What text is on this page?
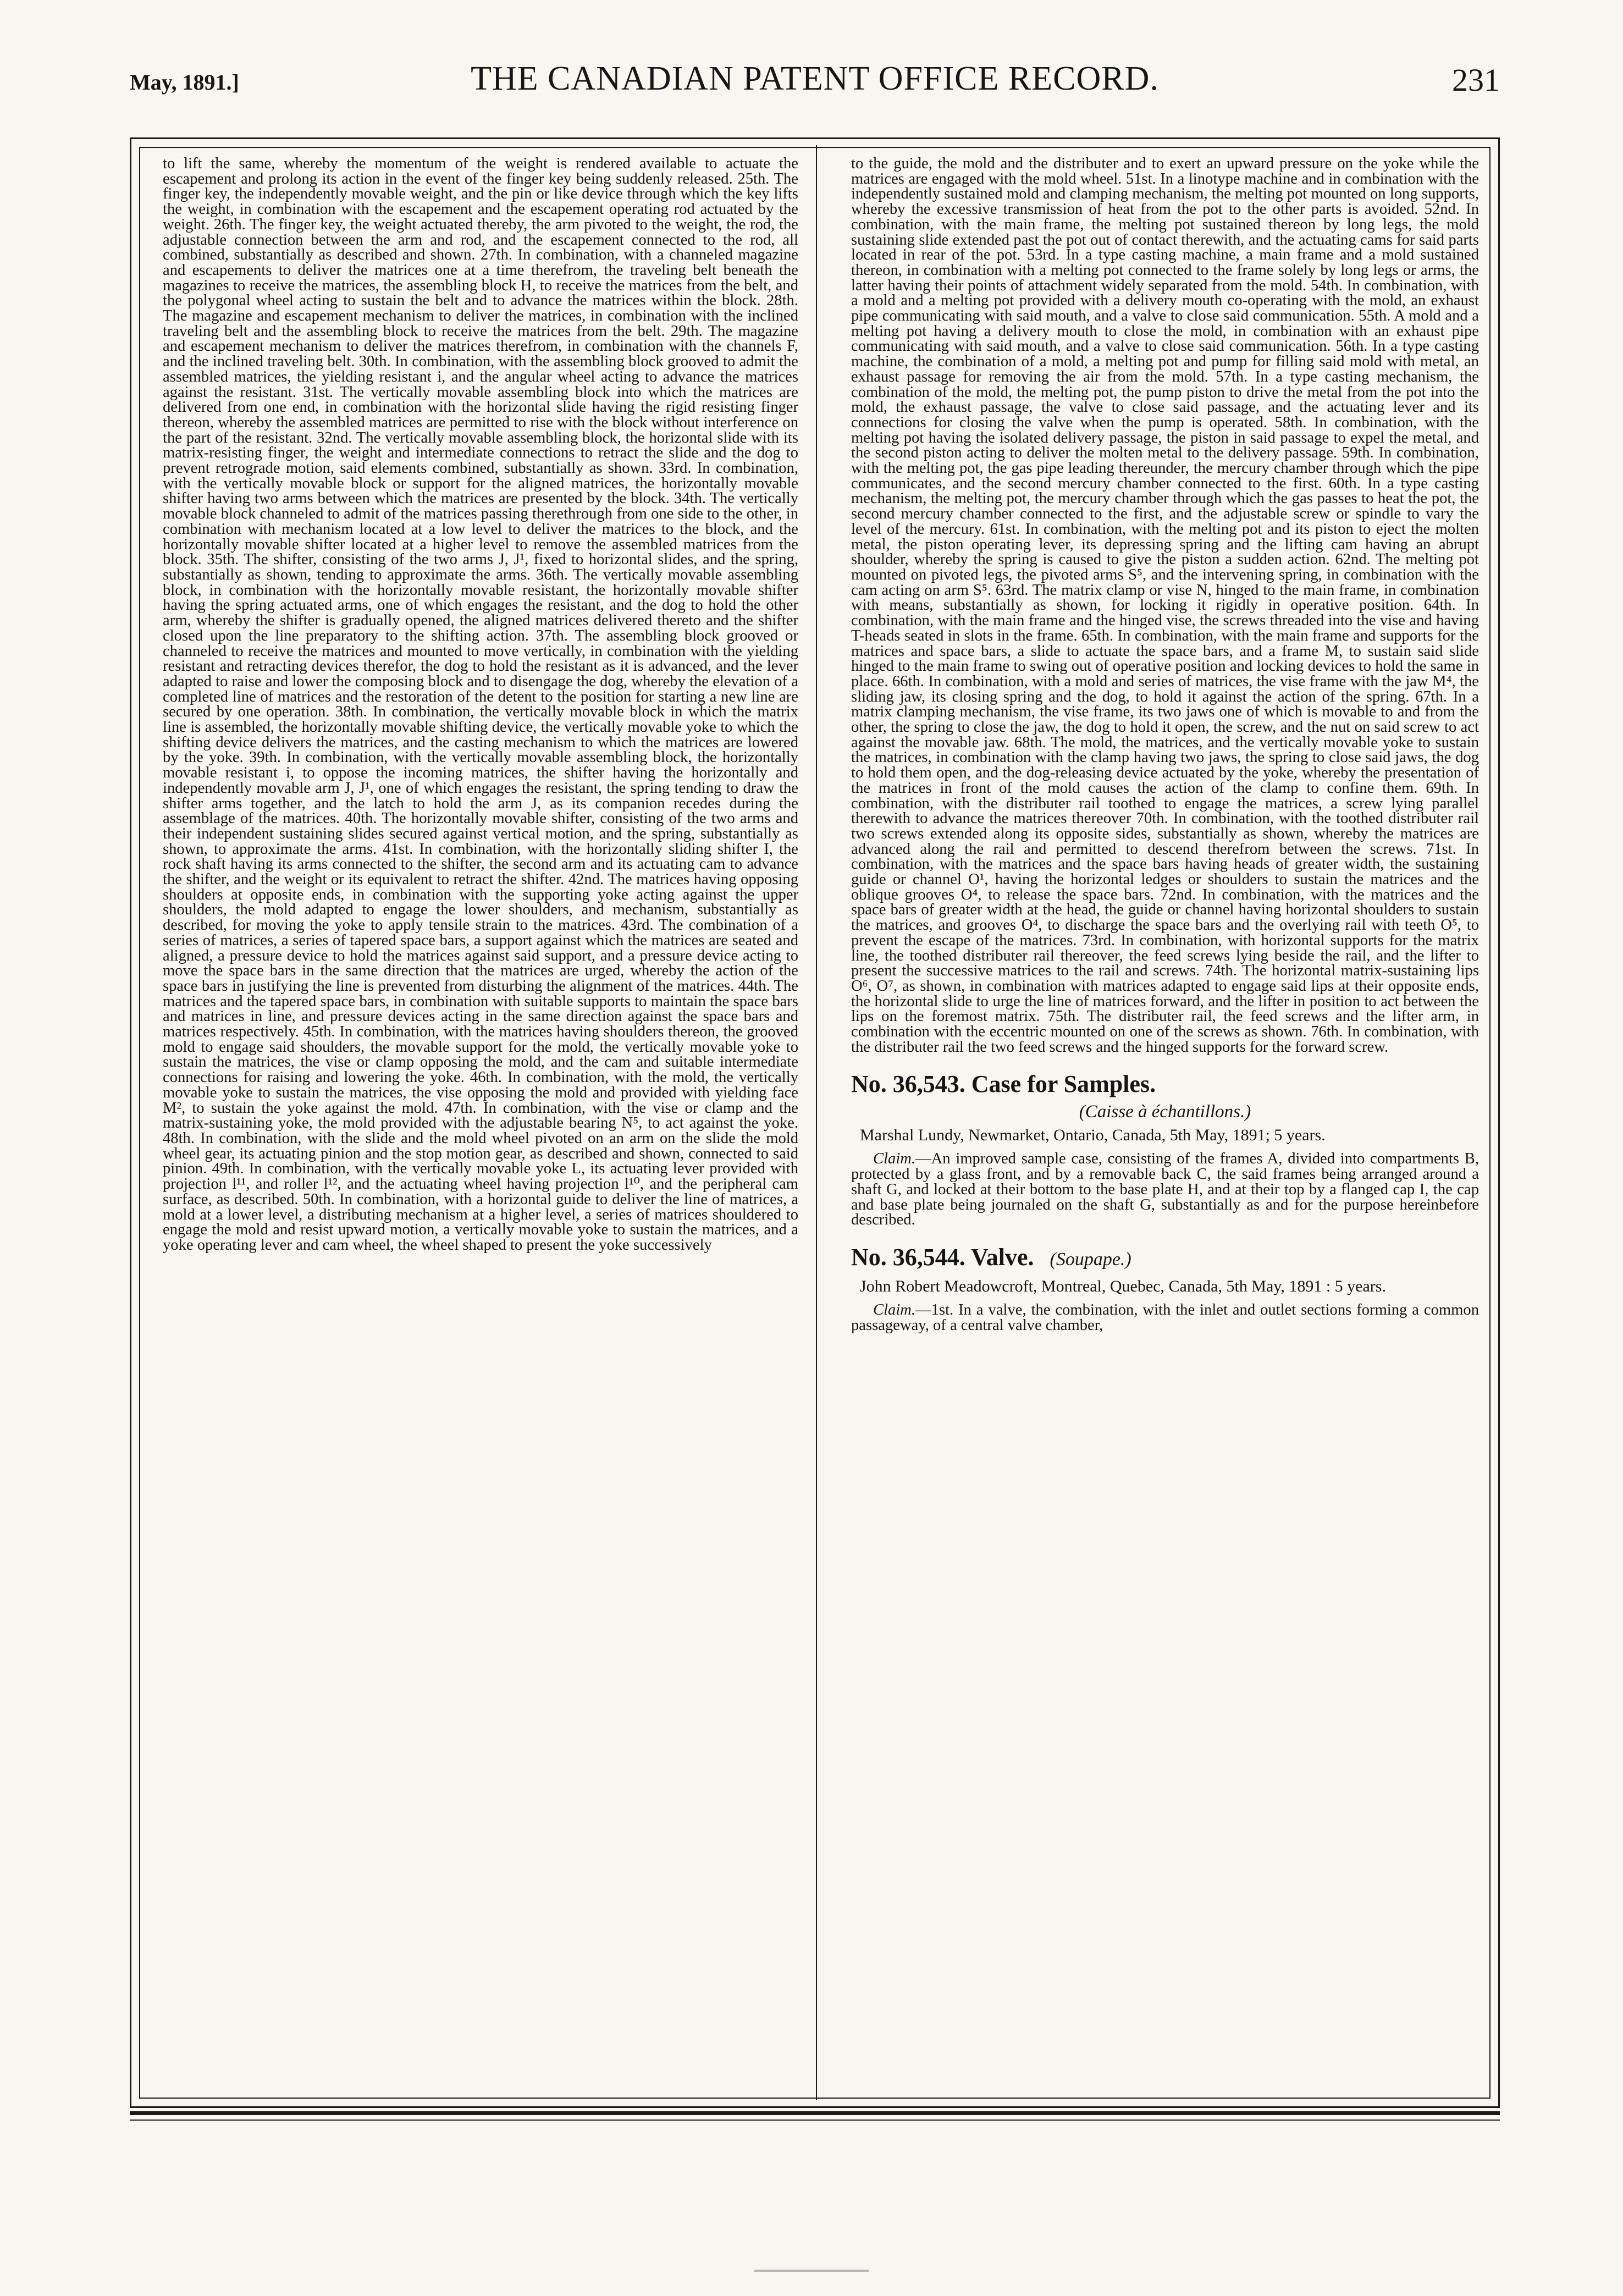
May, 1891.]	THE CANADIAN PATENT OFFICE RECORD.	231

to lift the same, whereby the momentum of the weight is rendered available to actuate the escapement and prolong its action in the event of the finger key being suddenly released. 25th. The finger key, the independently movable weight, and the pin or like device through which the key lifts the weight, in combination with the escapement and the escapement operating rod actuated by the weight. 26th. The finger key, the weight actuated thereby, the arm pivoted to the weight, the rod, the adjustable connection between the arm and rod, and the escapement connected to the rod, all combined, substantially as described and shown. 27th. In combination, with a channeled magazine and escapements to deliver the matrices one at a time therefrom, the traveling belt beneath the magazines to receive the matrices, the assembling block H, to receive the matrices from the belt, and the polygonal wheel acting to sustain the belt and to advance the matrices within the block. 28th. The magazine and escapement mechanism to deliver the matrices, in combination with the inclined traveling belt and the assembling block to receive the matrices from the belt. 29th. The magazine and escapement mechanism to deliver the matrices therefrom, in combination with the channels F, and the inclined traveling belt. 30th. In combination, with the assembling block grooved to admit the assembled matrices, the yielding resistant i, and the angular wheel acting to advance the matrices against the resistant. 31st. The vertically movable assembling block into which the matrices are delivered from one end, in combination with the horizontal slide having the rigid resisting finger thereon, whereby the assembled matrices are permitted to rise with the block without interference on the part of the resistant. 32nd. The vertically movable assembling block, the horizontal slide with its matrix-resisting finger, the weight and intermediate connections to retract the slide and the dog to prevent retrograde motion, said elements combined, substantially as shown. 33rd. In combination, with the vertically movable block or support for the aligned matrices, the horizontally movable shifter having two arms between which the matrices are presented by the block. 34th. The vertically movable block channeled to admit of the matrices passing therethrough from one side to the other, in combination with mechanism located at a low level to deliver the matrices to the block, and the horizontally movable shifter located at a higher level to remove the assembled matrices from the block. 35th. The shifter, consisting of the two arms J, J¹, fixed to horizontal slides, and the spring, substantially as shown, tending to approximate the arms. 36th. The vertically movable assembling block, in combination with the horizontally movable resistant, the horizontally movable shifter having the spring actuated arms, one of which engages the resistant, and the dog to hold the other arm, whereby the shifter is gradually opened, the aligned matrices delivered thereto and the shifter closed upon the line preparatory to the shifting action. 37th. The assembling block grooved or channeled to receive the matrices and mounted to move vertically, in combination with the yielding resistant and retracting devices therefor, the dog to hold the resistant as it is advanced, and the lever adapted to raise and lower the composing block and to disengage the dog, whereby the elevation of a completed line of matrices and the restoration of the detent to the position for starting a new line are secured by one operation. 38th. In combination, the vertically movable block in which the matrix line is assembled, the horizontally movable shifting device, the vertically movable yoke to which the shifting device delivers the matrices, and the casting mechanism to which the matrices are lowered by the yoke. 39th. In combination, with the vertically movable assembling block, the horizontally movable resistant i, to oppose the incoming matrices, the shifter having the horizontally and independently movable arm J, J¹, one of which engages the resistant, the spring tending to draw the shifter arms together, and the latch to hold the arm J, as its companion recedes during the assemblage of the matrices. 40th. The horizontally movable shifter, consisting of the two arms and their independent sustaining slides secured against vertical motion, and the spring, substantially as shown, to approximate the arms. 41st. In combination, with the horizontally sliding shifter I, the rock shaft having its arms connected to the shifter, the second arm and its actuating cam to advance the shifter, and the weight or its equivalent to retract the shifter. 42nd. The matrices having opposing shoulders at opposite ends, in combination with the supporting yoke acting against the upper shoulders, the mold adapted to engage the lower shoulders, and mechanism, substantially as described, for moving the yoke to apply tensile strain to the matrices. 43rd. The combination of a series of matrices, a series of tapered space bars, a support against which the matrices are seated and aligned, a pressure device to hold the matrices against said support, and a pressure device acting to move the space bars in the same direction that the matrices are urged, whereby the action of the space bars in justifying the line is prevented from disturbing the alignment of the matrices. 44th. The matrices and the tapered space bars, in combination with suitable supports to maintain the space bars and matrices in line, and pressure devices acting in the same direction against the space bars and matrices respectively. 45th. In combination, with the matrices having shoulders thereon, the grooved mold to engage said shoulders, the movable support for the mold, the vertically movable yoke to sustain the matrices, the vise or clamp opposing the mold, and the cam and suitable intermediate connections for raising and lowering the yoke. 46th. In combination, with the mold, the vertically movable yoke to sustain the matrices, the vise opposing the mold and provided with yielding face M², to sustain the yoke against the mold. 47th. In combination, with the vise or clamp and the matrix-sustaining yoke, the mold provided with the adjustable bearing N⁵, to act against the yoke. 48th. In combination, with the slide and the mold wheel pivoted on an arm on the slide the mold wheel gear, its actuating pinion and the stop motion gear, as described and shown, connected to said pinion. 49th. In combination, with the vertically movable yoke L, its actuating lever provided with projection l¹¹, and roller l¹², and the actuating wheel having projection l¹⁰, and the peripheral cam surface, as described. 50th. In combination, with a horizontal guide to deliver the line of matrices, a mold at a lower level, a distributing mechanism at a higher level, a series of matrices shouldered to engage the mold and resist upward motion, a vertically movable yoke to sustain the matrices, and a yoke operating lever and cam wheel, the wheel shaped to present the yoke successively

to the guide, the mold and the distributer and to exert an upward pressure on the yoke while the matrices are engaged with the mold wheel. 51st. In a linotype machine and in combination with the independently sustained mold and clamping mechanism, the melting pot mounted on long supports, whereby the excessive transmission of heat from the pot to the other parts is avoided. 52nd. In combination, with the main frame, the melting pot sustained thereon by long legs, the mold sustaining slide extended past the pot out of contact therewith, and the actuating cams for said parts located in rear of the pot. 53rd. In a type casting machine, a main frame and a mold sustained thereon, in combination with a melting pot connected to the frame solely by long legs or arms, the latter having their points of attachment widely separated from the mold. 54th. In combination, with a mold and a melting pot provided with a delivery mouth co-operating with the mold, an exhaust pipe communicating with said mouth, and a valve to close said communication. 55th. A mold and a melting pot having a delivery mouth to close the mold, in combination with an exhaust pipe communicating with said mouth, and a valve to close said communication. 56th. In a type casting machine, the combination of a mold, a melting pot and pump for filling said mold with metal, an exhaust passage for removing the air from the mold. 57th. In a type casting mechanism, the combination of the mold, the melting pot, the pump piston to drive the metal from the pot into the mold, the exhaust passage, the valve to close said passage, and the actuating lever and its connections for closing the valve when the pump is operated. 58th. In combination, with the melting pot having the isolated delivery passage, the piston in said passage to expel the metal, and the second piston acting to deliver the molten metal to the delivery passage. 59th. In combination, with the melting pot, the gas pipe leading thereunder, the mercury chamber through which the pipe communicates, and the second mercury chamber connected to the first. 60th. In a type casting mechanism, the melting pot, the mercury chamber through which the gas passes to heat the pot, the second mercury chamber connected to the first, and the adjustable screw or spindle to vary the level of the mercury. 61st. In combination, with the melting pot and its piston to eject the molten metal, the piston operating lever, its depressing spring and the lifting cam having an abrupt shoulder, whereby the spring is caused to give the piston a sudden action. 62nd. The melting pot mounted on pivoted legs, the pivoted arms S⁵, and the intervening spring, in combination with the cam acting on arm S⁵. 63rd. The matrix clamp or vise N, hinged to the main frame, in combination with means, substantially as shown, for locking it rigidly in operative position. 64th. In combination, with the main frame and the hinged vise, the screws threaded into the vise and having T-heads seated in slots in the frame. 65th. In combination, with the main frame and supports for the matrices and space bars, a slide to actuate the space bars, and a frame M, to sustain said slide hinged to the main frame to swing out of operative position and locking devices to hold the same in place. 66th. In combination, with a mold and series of matrices, the vise frame with the jaw M⁴, the sliding jaw, its closing spring and the dog, to hold it against the action of the spring. 67th. In a matrix clamping mechanism, the vise frame, its two jaws one of which is movable to and from the other, the spring to close the jaw, the dog to hold it open, the screw, and the nut on said screw to act against the movable jaw. 68th. The mold, the matrices, and the vertically movable yoke to sustain the matrices, in combination with the clamp having two jaws, the spring to close said jaws, the dog to hold them open, and the dog-releasing device actuated by the yoke, whereby the presentation of the matrices in front of the mold causes the action of the clamp to confine them. 69th. In combination, with the distributer rail toothed to engage the matrices, a screw lying parallel therewith to advance the matrices thereover 70th. In combination, with the toothed distributer rail two screws extended along its opposite sides, substantially as shown, whereby the matrices are advanced along the rail and permitted to descend therefrom between the screws. 71st. In combination, with the matrices and the space bars having heads of greater width, the sustaining guide or channel O¹, having the horizontal ledges or shoulders to sustain the matrices and the oblique grooves O⁴, to release the space bars. 72nd. In combination, with the matrices and the space bars of greater width at the head, the guide or channel having horizontal shoulders to sustain the matrices, and grooves O⁴, to discharge the space bars and the overlying rail with teeth O⁵, to prevent the escape of the matrices. 73rd. In combination, with horizontal supports for the matrix line, the toothed distributer rail thereover, the feed screws lying beside the rail, and the lifter to present the successive matrices to the rail and screws. 74th. The horizontal matrix-sustaining lips O⁶, O⁷, as shown, in combination with matrices adapted to engage said lips at their opposite ends, the horizontal slide to urge the line of matrices forward, and the lifter in position to act between the lips on the foremost matrix. 75th. The distributer rail, the feed screws and the lifter arm, in combination with the eccentric mounted on one of the screws as shown. 76th. In combination, with the distributer rail the two feed screws and the hinged supports for the forward screw.

No. 36,543. Case for Samples.

(Caisse à échantillons.)

Marshal Lundy, Newmarket, Ontario, Canada, 5th May, 1891; 5 years.

Claim.—An improved sample case, consisting of the frames A, divided into compartments B, protected by a glass front, and by a removable back C, the said frames being arranged around a shaft G, and locked at their bottom to the base plate H, and at their top by a flanged cap I, the cap and base plate being journaled on the shaft G, substantially as and for the purpose hereinbefore described.

No. 36,544. Valve. (Soupape.)

John Robert Meadowcroft, Montreal, Quebec, Canada, 5th May, 1891 : 5 years.

Claim.—1st. In a valve, the combination, with the inlet and outlet sections forming a common passageway, of a central valve chamber,
